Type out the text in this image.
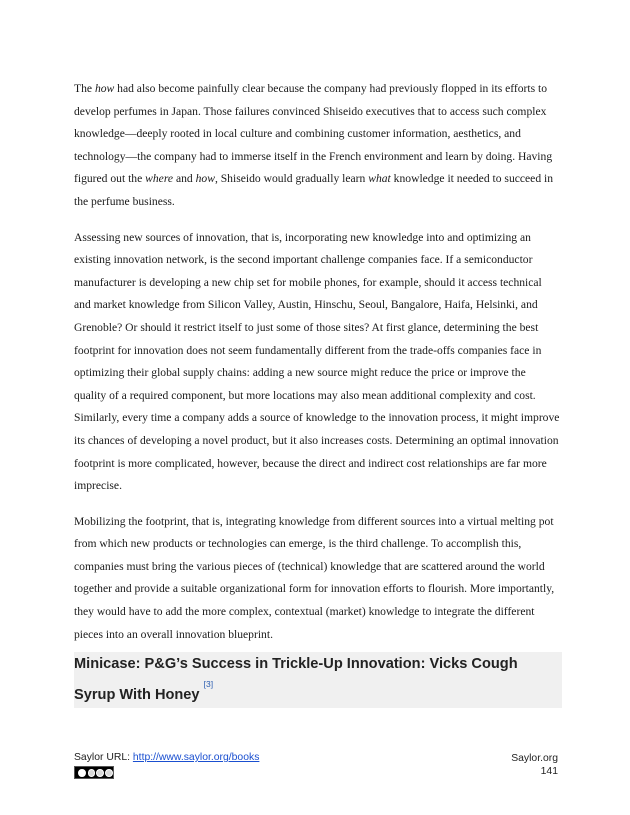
The how had also become painfully clear because the company had previously flopped in its efforts to develop perfumes in Japan. Those failures convinced Shiseido executives that to access such complex knowledge—deeply rooted in local culture and combining customer information, aesthetics, and technology—the company had to immerse itself in the French environment and learn by doing. Having figured out the where and how, Shiseido would gradually learn what knowledge it needed to succeed in the perfume business.

Assessing new sources of innovation, that is, incorporating new knowledge into and optimizing an existing innovation network, is the second important challenge companies face. If a semiconductor manufacturer is developing a new chip set for mobile phones, for example, should it access technical and market knowledge from Silicon Valley, Austin, Hinschu, Seoul, Bangalore, Haifa, Helsinki, and Grenoble? Or should it restrict itself to just some of those sites? At first glance, determining the best footprint for innovation does not seem fundamentally different from the trade-offs companies face in optimizing their global supply chains: adding a new source might reduce the price or improve the quality of a required component, but more locations may also mean additional complexity and cost. Similarly, every time a company adds a source of knowledge to the innovation process, it might improve its chances of developing a novel product, but it also increases costs. Determining an optimal innovation footprint is more complicated, however, because the direct and indirect cost relationships are far more imprecise.

Mobilizing the footprint, that is, integrating knowledge from different sources into a virtual melting pot from which new products or technologies can emerge, is the third challenge. To accomplish this, companies must bring the various pieces of (technical) knowledge that are scattered around the world together and provide a suitable organizational form for innovation efforts to flourish. More importantly, they would have to add the more complex, contextual (market) knowledge to integrate the different pieces into an overall innovation blueprint.

Minicase: P&G’s Success in Trickle-Up Innovation: Vicks Cough Syrup With Honey [3]
Saylor URL: http://www.saylor.org/books	Saylor.org
141
